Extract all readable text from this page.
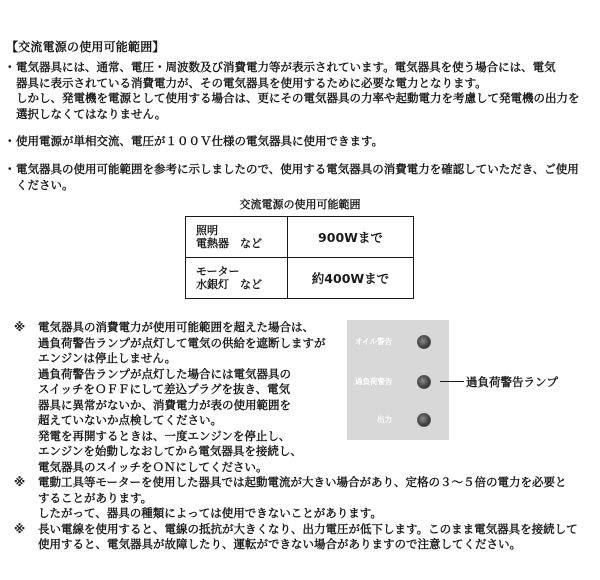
【交流電源の使用可能範囲】
・ 電気器具には、通常、電圧・周波数及び消費電力等が表示されています。電気器具を使う場合には、電気

器具に表示されている消費電力が、その電気器具を使用するために必要な電力となります。

しかし、発電機を電源として使用する場合は、更にその電気器具の力率や起動電力を考慮して発電機の出力を

選択しなくてはなりません。

・ 使用電源が単相交流、電圧が１００Ｖ仕様の電気器具に使用できます。

・ 電気器具の使用可能範囲を参考に示しましたので、使用する電気器具の消費電力を確認していただき、ご使用

ください。

交流電源の使用可能範囲
照明
電熱器　など	900Wまで

モーター
水銀灯　など	約400Wまで
オイル警告
過負荷警告
出力
過負荷警告ランプ
※	電気器具の消費電力が使用可能範囲を超えた場合は、

過負荷警告ランプが点灯して電気の供給を遮断しますが

エンジンは停止しません。

過負荷警告ランプが点灯した場合には電気器具の

スイッチをＯＦＦにして差込プラグを抜き、電気

器具に異常がないか、消費電力が表の使用範囲を

超えていないか点検してください。

発電を再開するときは、一度エンジンを停止し、

エンジンを始動しなおしてから電気器具を接続し、

電気器具のスイッチをＯＮにしてください。

※	電動工具等モーターを使用した器具では起動電流が大きい場合があり、定格の３～５倍の電力を必要と

することがあります。

したがって、器具の種類によっては使用できないことがあります。

※	長い電線を使用すると、電線の抵抗が大きくなり、出力電圧が低下します。このまま電気器具を接続して

使用すると、電気器具が故障したり、運転ができない場合がありますので注意してください。
